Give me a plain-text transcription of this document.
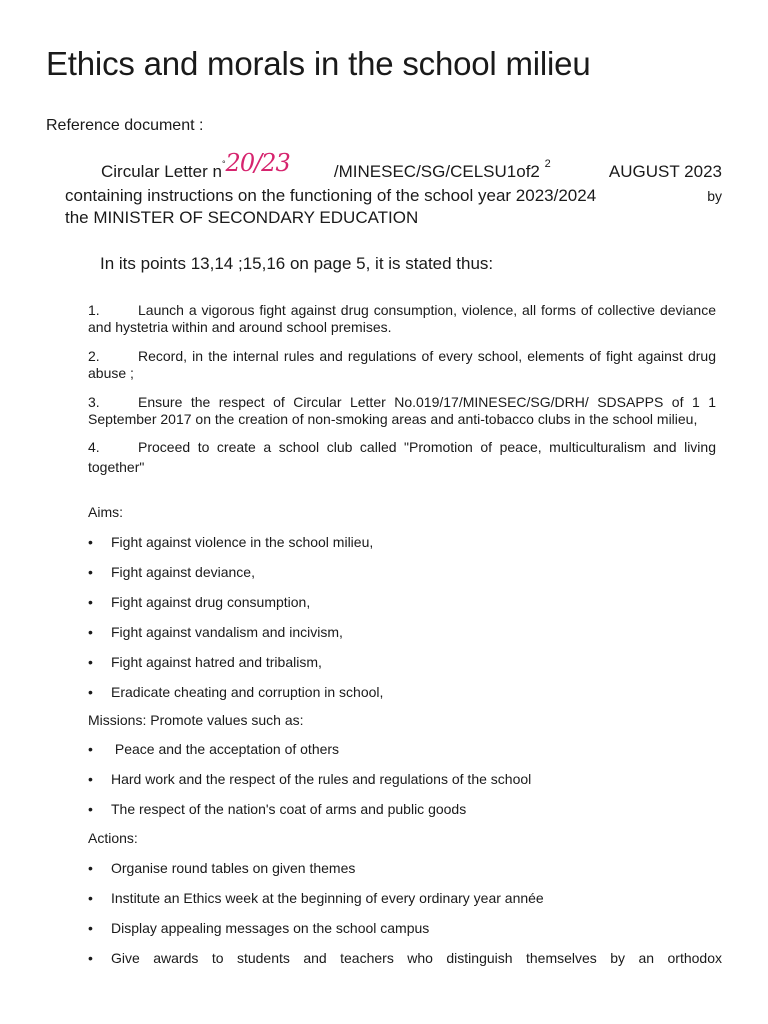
Ethics and morals in the school milieu
Reference document :
Circular Letter n°20/23	/MINESEC/SG/CELSU1of2 $^2$	AUGUST 2023
containing instructions on the functioning of the school year 2023/2024	by
the MINISTER OF SECONDARY EDUCATION
In its points 13,14 ;15,16 on page 5, it is stated thus:

1.	Launch a vigorous fight against drug consumption, violence, all forms of collective deviance and hystetria within and around school premises.

2.	Record, in the internal rules and regulations of every school, elements of fight against drug abuse ;

3.	Ensure the respect of Circular Letter No.019/17/MINESEC/SG/DRH/ SDSAPPS of 1 1 September 2017 on the creation of non-smoking areas and anti-tobacco clubs in the school milieu,

4.	Proceed to create a school club called "Promotion of peace, multiculturalism and living together"

Aims:
• Fight against violence in the school milieu,
• Fight against deviance,
• Fight against drug consumption,
• Fight against vandalism and incivism,
• Fight against hatred and tribalism,
• Eradicate cheating and corruption in school,
Missions: Promote values such as:
• Peace and the acceptation of others
• Hard work and the respect of the rules and regulations of the school
• The respect of the nation's coat of arms and public goods
Actions:
• Organise round tables on given themes
• Institute an Ethics week at the beginning of every ordinary year année
• Display appealing messages on the school campus
• Give awards to students and teachers who distinguish themselves by an orthodox
